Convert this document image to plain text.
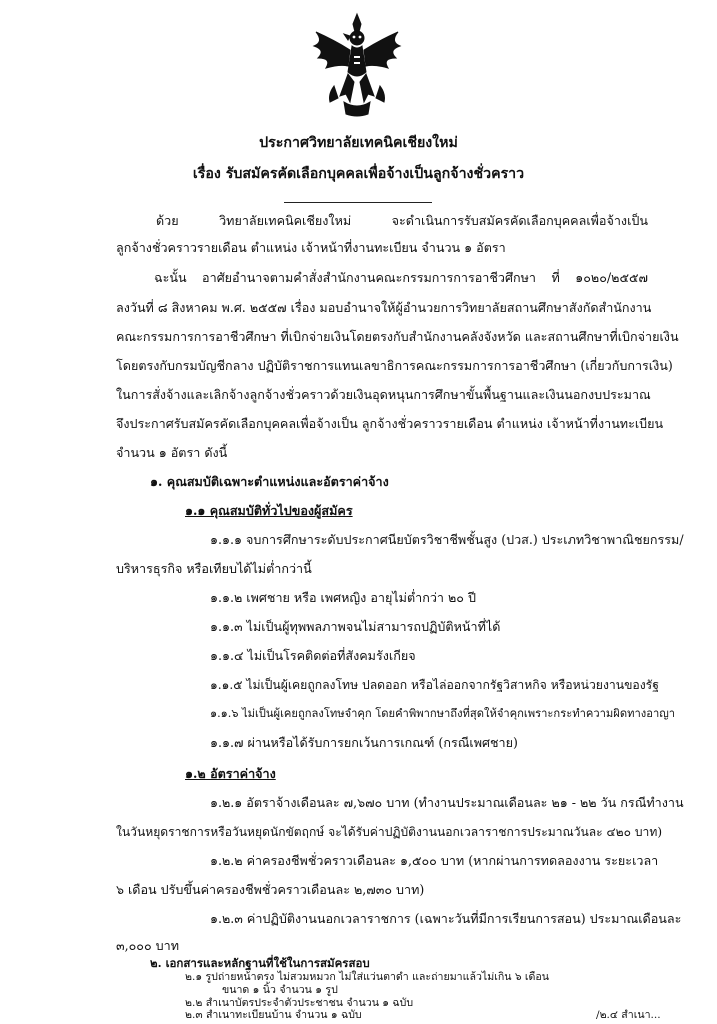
ประกาศวิทยาลัยเทคนิคเชียงใหม่
เรื่อง รับสมัครคัดเลือกบุคคลเพื่อจ้างเป็นลูกจ้างชั่วคราว
ด้วย วิทยาลัยเทคนิคเชียงใหม่ จะดำเนินการรับสมัครคัดเลือกบุคคลเพื่อจ้างเป็น
ลูกจ้างชั่วคราวรายเดือน ตำแหน่ง เจ้าหน้าที่งานทะเบียน จำนวน ๑ อัตรา
ฉะนั้น อาศัยอำนาจตามคำสั่งสำนักงานคณะกรรมการการอาชีวศึกษา ที่ ๑๐๒๐/๒๕๕๗
ลงวันที่ ๘ สิงหาคม พ.ศ. ๒๕๕๗ เรื่อง มอบอำนาจให้ผู้อำนวยการวิทยาลัยสถานศึกษาสังกัดสำนักงาน
คณะกรรมการการอาชีวศึกษา ที่เบิกจ่ายเงินโดยตรงกับสำนักงานคลังจังหวัด และสถานศึกษาที่เบิกจ่ายเงิน
โดยตรงกับกรมบัญชีกลาง ปฏิบัติราชการแทนเลขาธิการคณะกรรมการการอาชีวศึกษา (เกี่ยวกับการเงิน)
ในการสั่งจ้างและเลิกจ้างลูกจ้างชั่วคราวด้วยเงินอุดหนุนการศึกษาขั้นพื้นฐานและเงินนอกงบประมาณ
จึงประกาศรับสมัครคัดเลือกบุคคลเพื่อจ้างเป็น ลูกจ้างชั่วคราวรายเดือน ตำแหน่ง เจ้าหน้าที่งานทะเบียน
จำนวน ๑ อัตรา ดังนี้
๑. คุณสมบัติเฉพาะตำแหน่งและอัตราค่าจ้าง
๑.๑ คุณสมบัติทั่วไปของผู้สมัคร
๑.๑.๑ จบการศึกษาระดับประกาศนียบัตรวิชาชีพชั้นสูง (ปวส.) ประเภทวิชาพาณิชยกรรม/
บริหารธุรกิจ หรือเทียบได้ไม่ต่ำกว่านี้
๑.๑.๒ เพศชาย หรือ เพศหญิง อายุไม่ต่ำกว่า ๒๐ ปี
๑.๑.๓ ไม่เป็นผู้ทุพพลภาพจนไม่สามารถปฏิบัติหน้าที่ได้
๑.๑.๔ ไม่เป็นโรคติดต่อที่สังคมรังเกียจ
๑.๑.๕ ไม่เป็นผู้เคยถูกลงโทษ ปลดออก หรือไล่ออกจากรัฐวิสาหกิจ หรือหน่วยงานของรัฐ
๑.๑.๖ ไม่เป็นผู้เคยถูกลงโทษจำคุก โดยคำพิพากษาถึงที่สุดให้จำคุกเพราะกระทำความผิดทางอาญา
๑.๑.๗ ผ่านหรือได้รับการยกเว้นการเกณฑ์ (กรณีเพศชาย)
๑.๒ อัตราค่าจ้าง
๑.๒.๑ อัตราจ้างเดือนละ ๗,๖๗๐ บาท (ทำงานประมาณเดือนละ ๒๑ - ๒๒ วัน กรณีทำงาน
ในวันหยุดราชการหรือวันหยุดนักขัตฤกษ์ จะได้รับค่าปฏิบัติงานนอกเวลาราชการประมาณวันละ ๔๒๐ บาท)
๑.๒.๒ ค่าครองชีพชั่วคราวเดือนละ ๑,๕๐๐ บาท (หากผ่านการทดลองงาน ระยะเวลา
๖ เดือน ปรับขึ้นค่าครองชีพชั่วคราวเดือนละ ๒,๗๓๐ บาท)
๑.๒.๓ ค่าปฏิบัติงานนอกเวลาราชการ (เฉพาะวันที่มีการเรียนการสอน) ประมาณเดือนละ
๓,๐๐๐ บาท
๒. เอกสารและหลักฐานที่ใช้ในการสมัครสอบ
๒.๑ รูปถ่ายหน้าตรง ไม่สวมหมวก ไม่ใส่แว่นตาดำ และถ่ายมาแล้วไม่เกิน ๖ เดือน
ขนาด ๑ นิ้ว จำนวน ๑ รูป
๒.๒ สำเนาบัตรประจำตัวประชาชน จำนวน ๑ ฉบับ
๒.๓ สำเนาทะเบียนบ้าน จำนวน ๑ ฉบับ	/๒.๔ สำเนา...
